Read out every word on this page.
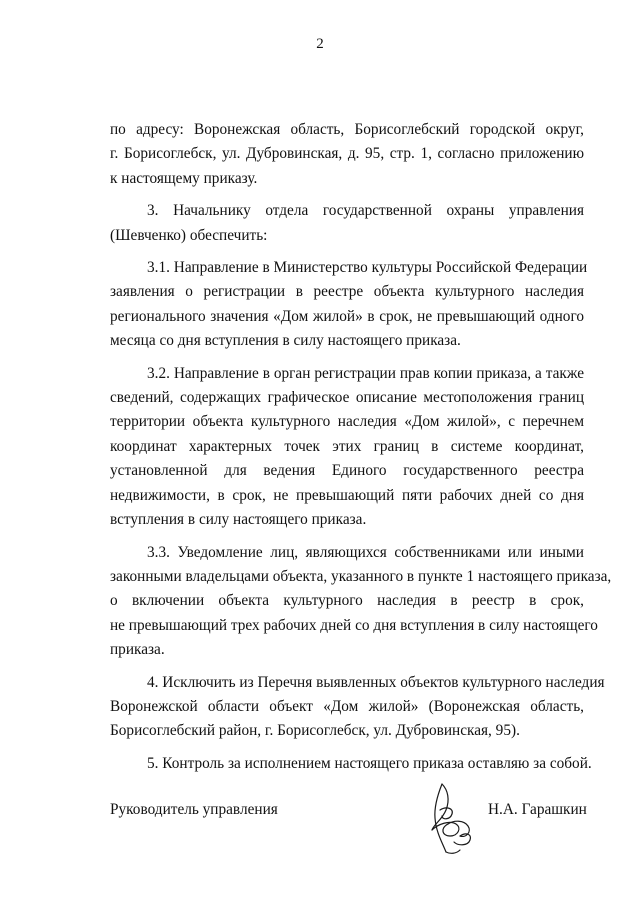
2
по адресу: Воронежская область, Борисоглебский городской округ,
г. Борисоглебск, ул. Дубровинская, д. 95, стр. 1, согласно приложению
к настоящему приказу.
3. Начальнику отдела государственной охраны управления
(Шевченко) обеспечить:
3.1. Направление в Министерство культуры Российской Федерации
заявления о регистрации в реестре объекта культурного наследия
регионального значения «Дом жилой» в срок, не превышающий одного
месяца со дня вступления в силу настоящего приказа.
3.2. Направление в орган регистрации прав копии приказа, а также
сведений, содержащих графическое описание местоположения границ
территории объекта культурного наследия «Дом жилой», с перечнем
координат характерных точек этих границ в системе координат,
установленной для ведения Единого государственного реестра
недвижимости, в срок, не превышающий пяти рабочих дней со дня
вступления в силу настоящего приказа.
3.3. Уведомление лиц, являющихся собственниками или иными
законными владельцами объекта, указанного в пункте 1 настоящего приказа,
о включении объекта культурного наследия в реестр в срок,
не превышающий трех рабочих дней со дня вступления в силу настоящего
приказа.
4. Исключить из Перечня выявленных объектов культурного наследия
Воронежской области объект «Дом жилой» (Воронежская область,
Борисоглебский район, г. Борисоглебск, ул. Дубровинская, 95).
5. Контроль за исполнением настоящего приказа оставляю за собой.
Руководитель управления	Н.А. Гарашкин
